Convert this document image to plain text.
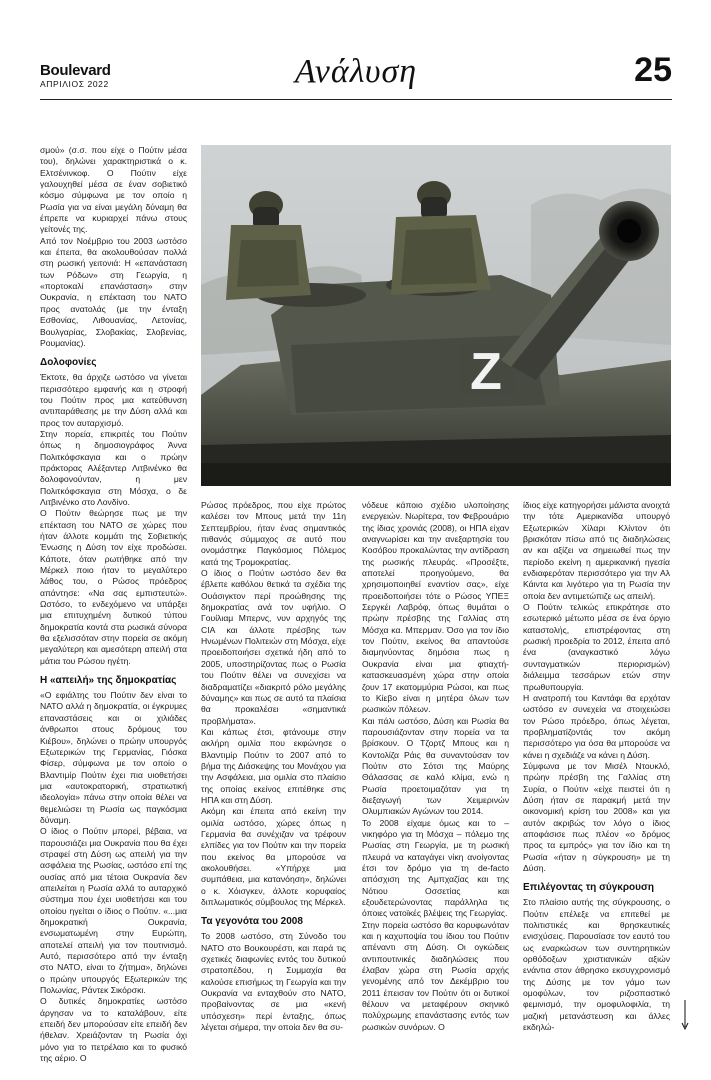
Boulevard
ΑΠΡΙΛΙΟΣ 2022	Ανάλυση	25

σμού» (σ.σ. που είχε ο Πούτιν μέσα του), δηλώνει χαρακτηριστικά ο κ. Ελτσένινκοφ. Ο Πούτιν είχε γαλουχηθεί μέσα σε έναν σοβιετικό κόσμο σύμφωνα με τον οποίο η Ρωσία για να είναι μεγάλη δύναμη θα έπρεπε να κυριαρχεί πάνω στους γείτονές της.

Από τον Νοέμβριο του 2003 ωστόσο και έπειτα, θα ακολουθούσαν πολλά στη ρωσική γειτονιά: Η «επανάσταση των Ρόδων» στη Γεωργία, η «πορτοκαλί επανάσταση» στην Ουκρανία, η επέκταση του ΝΑΤΟ προς ανατολάς (με την ένταξη Εσθονίας, Λιθουανίας, Λετονίας, Βουλγαρίας, Σλοβακίας, Σλοβενίας, Ρουμανίας).

Δολοφονίες

Έκτοτε, θα άρχιζε ωστόσο να γίνεται περισσότερο εμφανής και η στροφή του Πούτιν προς μια κατεύθυνση αντιπαράθεσης με την Δύση αλλά και προς τον αυταρχισμό.

Στην πορεία, επικριτές του Πούτιν όπως η δημοσιογράφος Άννα Πολιτκόφσκαγια και ο πρώην πράκτορας Αλέξαντερ Λιτβινένκο θα δολοφονούνταν, η μεν Πολιτκόφσκαγια στη Μόσχα, ο δε Λιτβινένκο στο Λονδίνο.

Ο Πούτιν θεώρησε πως με την επέκταση του ΝΑΤΟ σε χώρες που ήταν άλλοτε κομμάτι της Σοβιετικής Ένωσης η Δύση τον είχε προδώσει. Κάποτε, όταν ρωτήθηκε από την Μέρκελ ποιο ήταν το μεγαλύτερο λάθος του, ο Ρώσος πρόεδρος απάντησε: «Να σας εμπιστευτώ». Ωστόσο, το ενδεχόμενο να υπάρξει μια επιτυχημένη δυτικού τύπου δημοκρατία κοντά στα ρωσικά σύνορα θα εξελισσόταν στην πορεία σε ακόμη μεγαλύτερη και αμεσότερη απειλή στα μάτια του Ρώσου ηγέτη.

Η «απειλή» της δημοκρατίας

«Ο εφιάλτης του Πούτιν δεν είναι το ΝΑΤΟ αλλά η δημοκρατία, οι έγκρυμες επαναστάσεις και οι χιλιάδες άνθρωποι στους δρόμους του Κιέβου», δηλώνει ο πρώην υπουργός Εξωτερικών της Γερμανίας, Γιόσκα Φίσερ, σύμφωνα με τον οποίο ο Βλαντιμίρ Πούτιν έχει πια υιοθετήσει μια «αυτοκρατορική, στρατιωτική ιδεολογία» πάνω στην οποία θέλει να θεμελιώσει τη Ρωσία ως παγκόσμια δύναμη.

Ο ίδιος ο Πούτιν μπορεί, βέβαια, να παρουσιάζει μια Ουκρανία που θα έχει στραφεί στη Δύση ως απειλή για την ασφάλεια της Ρωσίας, ωστόσο επί της ουσίας από μια τέτοια Ουκρανία δεν απειλείται η Ρωσία αλλά το αυταρχικό σύστημα που έχει υιοθετήσει και του οποίου ηγείται ο ίδιος ο Πούτιν. «...μια δημοκρατική Ουκρανία, ενσωματωμένη στην Ευρώπη, αποτελεί απειλή για τον πουτινισμό. Αυτό, περισσότερο από την ένταξη στο ΝΑΤΟ, είναι το ζήτημα», δηλώνει ο πρώην υπουργός Εξωτερικών της Πολωνίας, Ράντεκ Σικόρσκι.

Ο δυτικές δημοκρατίες ωστόσο άργησαν να το καταλάβουν, είτε επειδή δεν μπορούσαν είτε επειδή δεν ήθελαν. Χρειάζονταν τη Ρωσία όχι μόνο για το πετρέλαιο και το φυσικό της αέριο. Ο

Z

Ρώσος πρόεδρος, που είχε πρώτος καλέσει τον Μπους μετά την 11η Σεπτεμβρίου, ήταν ένας σημαντικός πιθανός σύμμαχος σε αυτό που ονομάστηκε Παγκόσμιος Πόλεμος κατά της Τρομοκρατίας.

Ο ίδιος ο Πούτιν ωστόσο δεν θα έβλεπε καθόλου θετικά τα σχέδια της Ουάσιγκτον περί προώθησης της δημοκρατίας ανά τον υφήλιο. Ο Γουίλιαμ Μπερνς, νυν αρχηγός της CIA και άλλοτε πρέσβης των Ηνωμένων Πολιτειών στη Μόσχα, είχε προειδοποιήσει σχετικά ήδη από το 2005, υποστηρίζοντας πως ο Ρωσία του Πούτιν θέλει να συνεχίσει να διαδραματίζει «διακριτό ρόλο μεγάλης δύναμης» και πως σε αυτό τα πλαίσια θα προκαλέσει «σημαντικά προβλήματα».

Και κάπως έτσι, φτάνουμε στην ακλήρη ομιλία που εκφώνησε ο Βλαντιμίρ Πούτιν το 2007 από το βήμα της Διάσκεψης του Μονάχου για την Ασφάλεια, μια ομιλία στο πλαίσιο της οποίας εκείνος επιτέθηκε στις ΗΠΑ και στη Δύση.

Ακόμη και έπειτα από εκείνη την ομιλία ωστόσο, χώρες όπως η Γερμανία θα συνέχιζαν να τρέφουν ελπίδες για τον Πούτιν και την πορεία που εκείνος θα μπορούσε να ακολουθήσει. «Υπήρχε μια συμπάθεια, μια κατανόηση», δηλώνει ο κ. Χόισγκεν, άλλοτε κορυφαίος διπλωματικός σύμβουλος της Μέρκελ.

Τα γεγονότα του 2008

Το 2008 ωστόσο, στη Σύνοδο του ΝΑΤΟ στο Βουκουρέστι, και παρά τις σχετικές διαφωνίες εντός του δυτικού στρατοπέδου, η Συμμαχία θα καλούσε επισήμως τη Γεωργία και την Ουκρανία να ενταχθούν στο ΝΑΤΟ, προβαίνοντας σε μια «κενή υπόσχεση» περί ένταξης, όπως λέγεται σήμερα, την οποία δεν θα συ-

νόδευε κάποιο σχέδιο υλοποίησης ενεργειών. Νωρίτερα, τον Φεβρουάριο της ίδιας χρονιάς (2008), οι ΗΠΑ είχαν αναγνωρίσει και την ανεξαρτησία του Κοσόβου προκαλώντας την αντίδραση της ρωσικής πλευράς. «Προσέξτε, αποτελεί προηγούμενο, θα χρησιμοποιηθεί εναντίον σας», είχε προειδοποιήσει τότε ο Ρώσος ΥΠΕΞ Σεργκέι Λαβρόφ, όπως θυμάται ο πρώην πρέσβης της Γαλλίας στη Μόσχα κα. Μπερμαν. Όσο για τον ίδιο τον Πούτιν, εκείνος θα απαντούσε διαμηνύοντας δημόσια πως η Ουκρανία είναι μια φτιαχτή-κατασκευασμένη χώρα στην οποία ζουν 17 εκατομμύρια Ρώσοι, και πως το Κίεβο είναι η μητέρα όλων των ρωσικών πόλεων.

Και πάλι ωστόσο, Δύση και Ρωσία θα παρουσιάζονταν στην πορεία να τα βρίσκουν. Ο Τζορτζ Μπους και η Κοντολίζα Ράις θα συναντούσαν τον Πούτιν στο Σότσι της Μαύρης Θάλασσας σε καλό κλίμα, ενώ η Ρωσία προετοιμαζόταν για τη διεξαγωγή των Χειμερινών Ολυμπιακών Αγώνων του 2014.

Το 2008 είχαμε όμως και το – νικηφόρο για τη Μόσχα – πόλεμο της Ρωσίας στη Γεωργία, με τη ρωσική πλευρά να καταγάγει νίκη ανοίγοντας έτσι τον δρόμο για τη de-facto απόσχιση της Αμπχαζίας και της Νότιου Οσσετίας και εξουδετερώνοντας παράλληλα τις όποιες νατοϊκές βλέψεις της Γεωργίας.

Στην πορεία ωστόσο θα κορυφωνόταν και η καχυποψία του ίδιου του Πούτιν απέναντι στη Δύση. Οι ογκώδεις αντιπουτινικές διαδηλώσεις που έλαβαν χώρα στη Ρωσία αρχής γενομένης από τον Δεκέμβριο του 2011 έπεισαν τον Πούτιν ότι οι δυτικοί θέλουν να μεταφέρουν σκηνικό πολύχρωμης επανάστασης εντός των ρωσικών συνόρων. Ο

ίδιος είχε κατηγορήσει μάλιστα ανοιχτά την τότε Αμερικανίδα υπουργό Εξωτερικών Χίλαρι Κλίντον ότι βρισκόταν πίσω από τις διαδηλώσεις αν και αξίζει να σημειωθεί πως την περίοδο εκείνη η αμερικανική ηγεσία ενδιαφερόταν περισσότερο για την Αλ Κάιντα και λιγότερο για τη Ρωσία την οποία δεν αντιμετώπιζε ως απειλή.

Ο Πούτιν τελικώς επικράτησε στο εσωτερικό μέτωπο μέσα σε ένα όργιο καταστολής, επιστρέφοντας στη ρωσική προεδρία το 2012, έπειτα από ένα (αναγκαστικό λόγω συνταγματικών περιορισμών) διάλειμμα τεσσάρων ετών στην πρωθυπουργία.

Η ανατροπή του Καντάφι θα ερχόταν ωστόσο εν συνεχεία να στοιχειώσει τον Ρώσο πρόεδρο, όπως λέγεται, προβληματίζοντάς τον ακόμη περισσότερο για όσα θα μπορούσε να κάνει η σχεδιάζε να κάνει η Δύση.

Σύμφωνα με τον Μισέλ Ντουκλό, πρώην πρέσβη της Γαλλίας στη Συρία, ο Πούτιν «είχε πειστεί ότι η Δύση ήταν σε παρακμή μετά την οικονομική κρίση του 2008» και για αυτόν ακριβώς τον λόγο ο ίδιος αποφάσισε πως πλέον «ο δρόμος προς τα εμπρός» για τον ίδιο και τη Ρωσία «ήταν η σύγκρουση» με τη Δύση.

Επιλέγοντας τη σύγκρουση

Στο πλαίσιο αυτής της σύγκρουσης, ο Πούτιν επέλεξε να επιτεθεί με πολιτιστικές και θρησκευτικές ενισχύσεις. Παρουσίασε τον εαυτό του ως εναρκώσων των συντηρητικών ορθόδοξων χριστιανικών αξιών ενάντια στον άθρησκο εκσυγχρονισμό της Δύσης με τον γάμο των ομοφύλων, τον ριζοσπαστικό φεμινισμό, την ομοφυλοφιλία, τη μαζική μετανάστευση και άλλες εκδηλώ-
